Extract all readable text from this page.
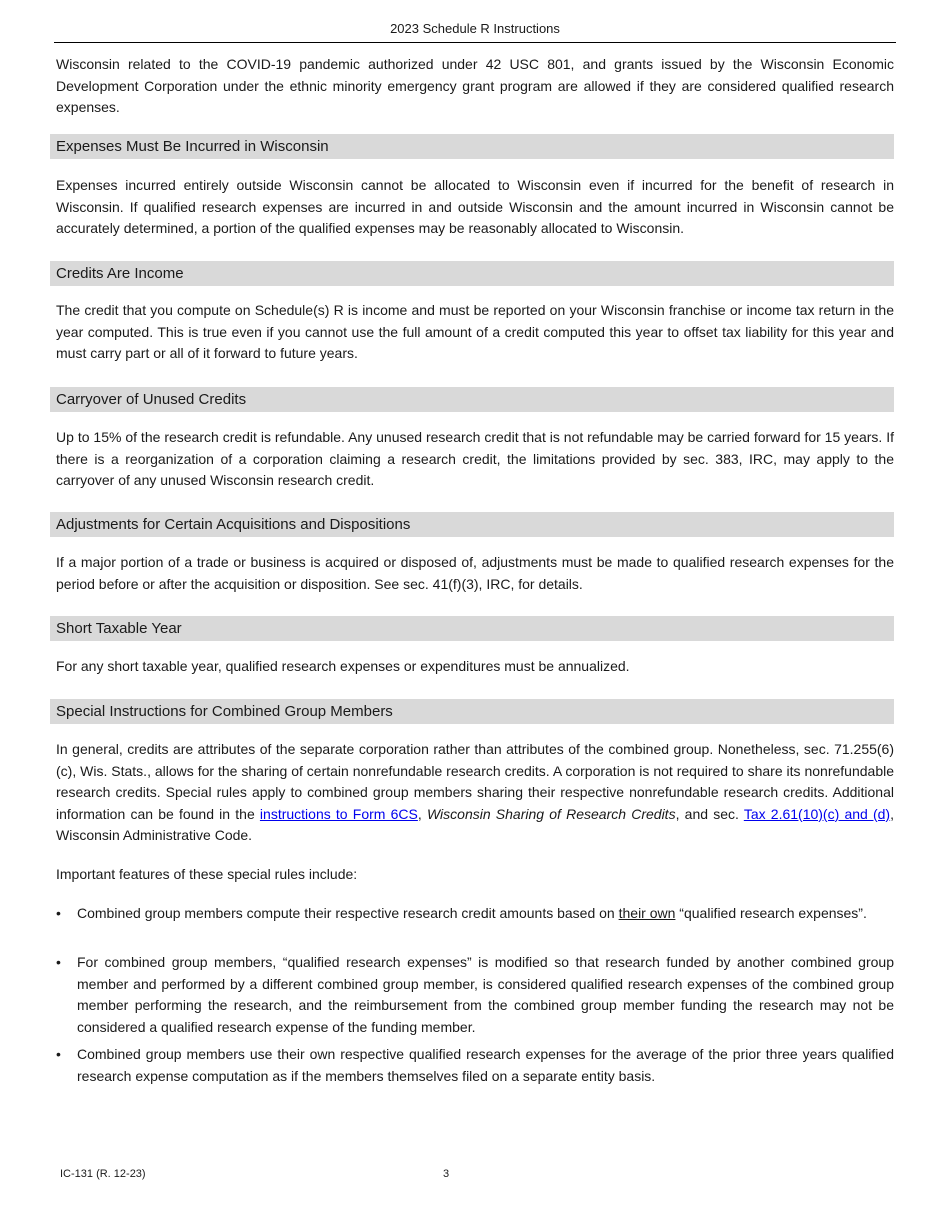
2023 Schedule R Instructions

Wisconsin related to the COVID-19 pandemic authorized under 42 USC 801, and grants issued by the Wisconsin Economic Development Corporation under the ethnic minority emergency grant program are allowed if they are considered qualified research expenses.

Expenses Must Be Incurred in Wisconsin

Expenses incurred entirely outside Wisconsin cannot be allocated to Wisconsin even if incurred for the benefit of research in Wisconsin. If qualified research expenses are incurred in and outside Wisconsin and the amount incurred in Wisconsin cannot be accurately determined, a portion of the qualified expenses may be reasonably allocated to Wisconsin.

Credits Are Income

The credit that you compute on Schedule(s) R is income and must be reported on your Wisconsin franchise or income tax return in the year computed. This is true even if you cannot use the full amount of a credit computed this year to offset tax liability for this year and must carry part or all of it forward to future years.

Carryover of Unused Credits

Up to 15% of the research credit is refundable. Any unused research credit that is not refundable may be carried forward for 15 years. If there is a reorganization of a corporation claiming a research credit, the limitations provided by sec. 383, IRC, may apply to the carryover of any unused Wisconsin research credit.

Adjustments for Certain Acquisitions and Dispositions

If a major portion of a trade or business is acquired or disposed of, adjustments must be made to qualified research expenses for the period before or after the acquisition or disposition. See sec. 41(f)(3), IRC, for details.

Short Taxable Year

For any short taxable year, qualified research expenses or expenditures must be annualized.

Special Instructions for Combined Group Members

In general, credits are attributes of the separate corporation rather than attributes of the combined group. Nonetheless, sec. 71.255(6)(c), Wis. Stats., allows for the sharing of certain nonrefundable research credits. A corporation is not required to share its nonrefundable research credits. Special rules apply to combined group members sharing their respective nonrefundable research credits. Additional information can be found in the instructions to Form 6CS, Wisconsin Sharing of Research Credits, and sec. Tax 2.61(10)(c) and (d), Wisconsin Administrative Code.

Important features of these special rules include:

• Combined group members compute their respective research credit amounts based on their own “qualified research expenses”.
• For combined group members, “qualified research expenses” is modified so that research funded by another combined group member and performed by a different combined group member, is considered qualified research expenses of the combined group member performing the research, and the reimbursement from the combined group member funding the research may not be considered a qualified research expense of the funding member.
• Combined group members use their own respective qualified research expenses for the average of the prior three years qualified research expense computation as if the members themselves filed on a separate entity basis.
IC-131 (R. 12-23)	3
